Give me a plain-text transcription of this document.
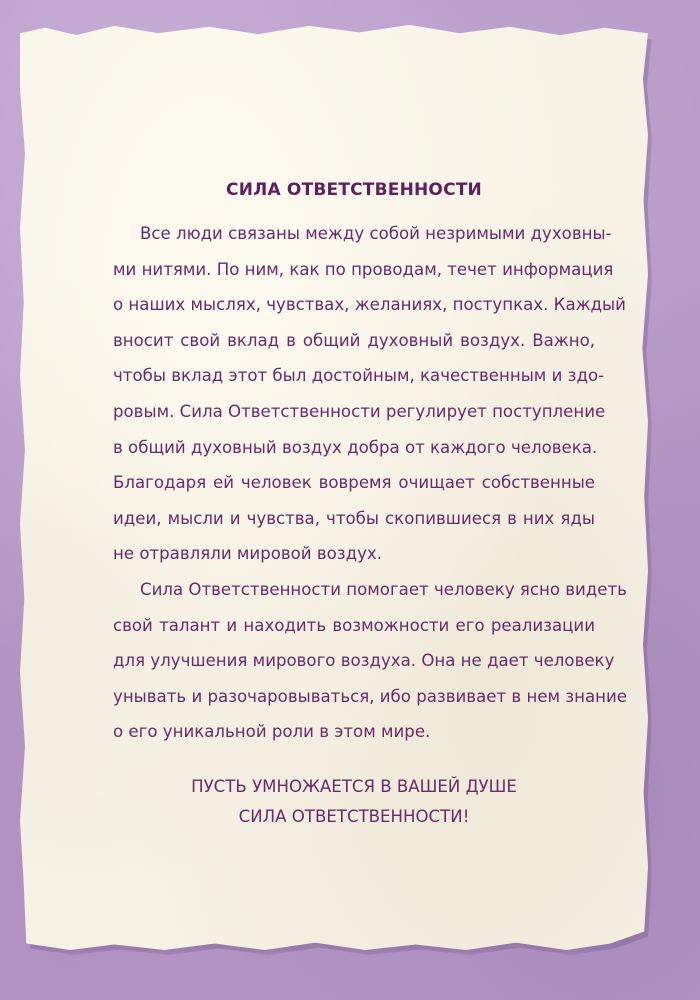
СИЛА ОТВЕТСТВЕННОСТИ
Все люди связаны между собой незримыми духовны-
ми нитями. По ним, как по проводам, течет информация
о наших мыслях, чувствах, желаниях, поступках. Каждый
вносит свой вклад в общий духовный воздух. Важно,
чтобы вклад этот был достойным, качественным и здо-
ровым. Сила Ответственности регулирует поступление
в общий духовный воздух добра от каждого человека.
Благодаря ей человек вовремя очищает собственные
идеи, мысли и чувства, чтобы скопившиеся в них яды
не отравляли мировой воздух.
Сила Ответственности помогает человеку ясно видеть
свой талант и находить возможности его реализации
для улучшения мирового воздуха. Она не дает человеку
унывать и разочаровываться, ибо развивает в нем знание
о его уникальной роли в этом мире.
ПУСТЬ УМНОЖАЕТСЯ В ВАШЕЙ ДУШЕ
СИЛА ОТВЕТСТВЕННОСТИ!
